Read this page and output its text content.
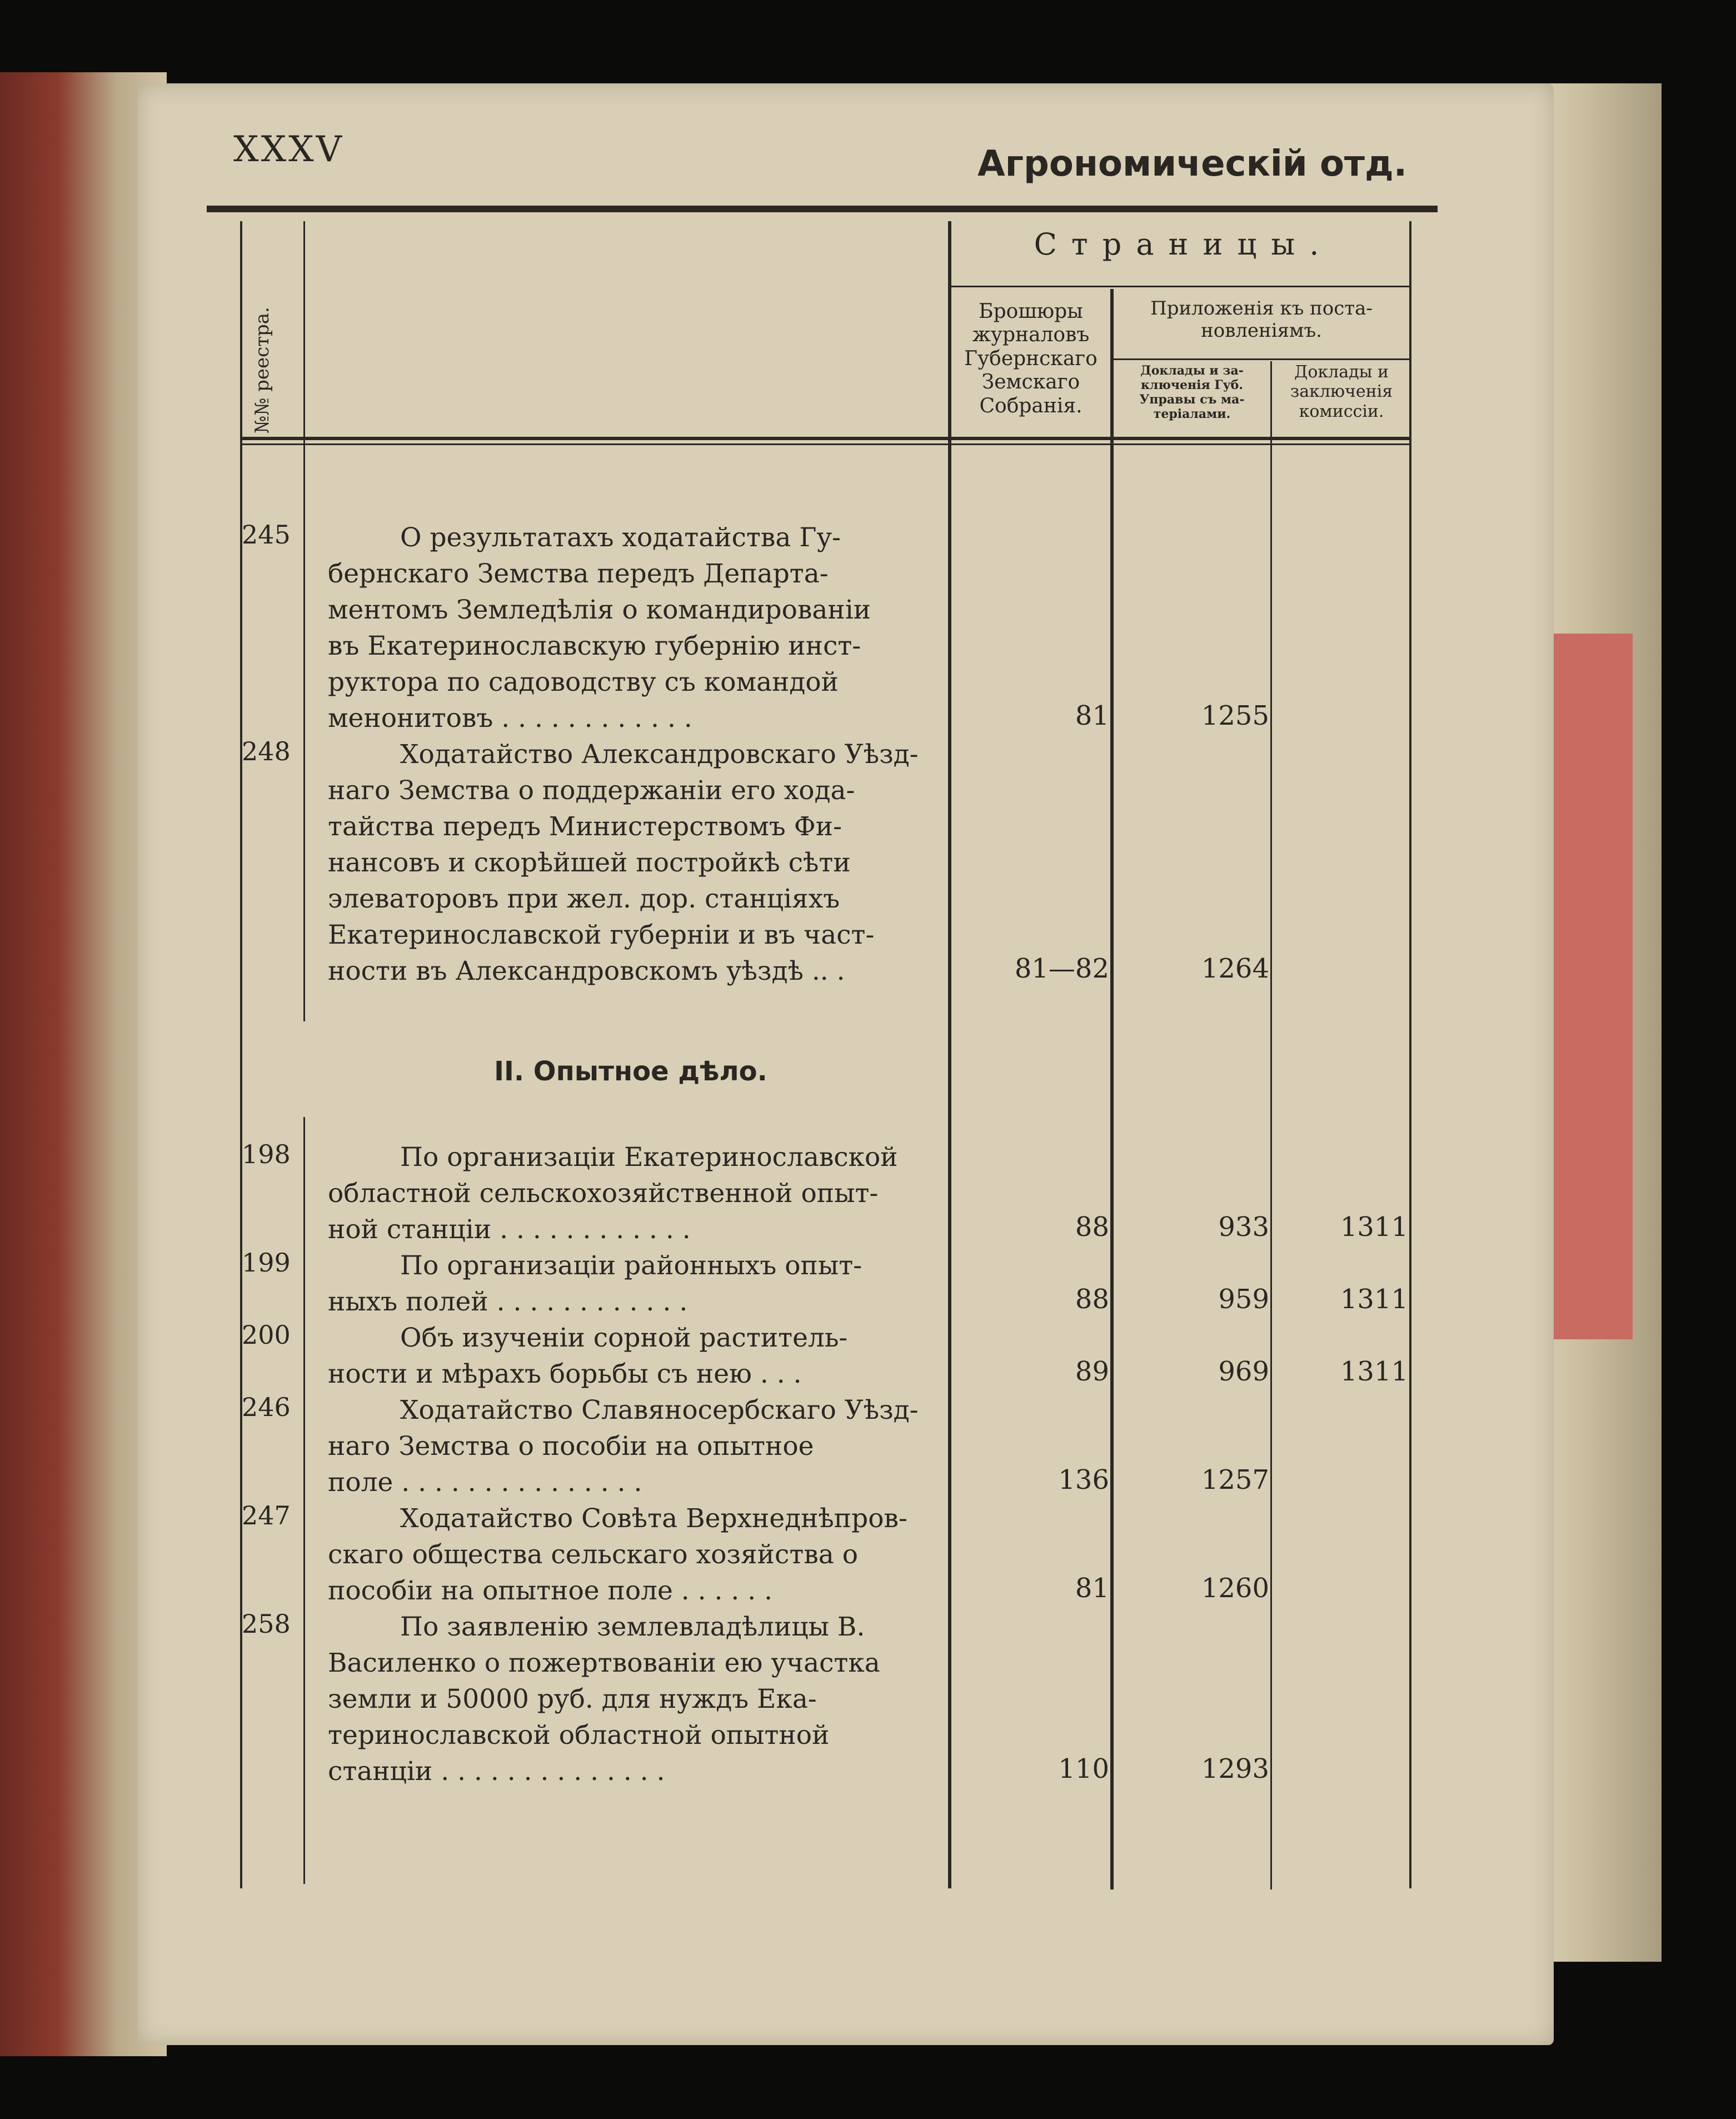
XXXV	Агрономическій отд.
Страницы.
№№ реестра.	Брошюры
журналовъ
Губернскаго
Земскаго
Собранія.
Приложенія къ поста-
новленіямъ.
Доклады и за-
ключенія Губ.
Управы съ ма-
теріалами.
Доклады и
заключенія
комиссіи.
II. Опытное дѣло.
245	О результатахъ ходатайства Гу-
бернскаго Земства передъ Департа-
ментомъ Земледѣлія о командированіи
въ Екатеринославскую губернію инст-
руктора по садоводству съ командой
менонитовъ . . . . . . . . . . . .	81	1255
248	Ходатайство Александровскаго Уѣзд-
наго Земства о поддержаніи его хода-
тайства передъ Министерствомъ Фи-
нансовъ и скорѣйшей постройкѣ сѣти
элеваторовъ при жел. дор. станціяхъ
Екатеринославской губерніи и въ част-
ности въ Александровскомъ уѣздѣ .. .	81—82	1264
198	По организаціи Екатеринославской
областной сельскохозяйственной опыт-
ной станціи . . . . . . . . . . . .	88	933	1311
199	По организаціи районныхъ опыт-
ныхъ полей . . . . . . . . . . . .	88	959	1311
200	Объ изученіи сорной раститель-
ности и мѣрахъ борьбы съ нею . . .	89	969	1311
246	Ходатайство Славяносербскаго Уѣзд-
наго Земства о пособіи на опытное
поле . . . . . . . . . . . . . . .	136	1257
247	Ходатайство Совѣта Верхнеднѣпров-
скаго общества сельскаго хозяйства о
пособіи на опытное поле . . . . . .	81	1260
258	По заявленію землевладѣлицы В.
Василенко о пожертвованіи ею участка
земли и 50000 руб. для нуждъ Ека-
теринославской областной опытной
станціи . . . . . . . . . . . . . .	110	1293
